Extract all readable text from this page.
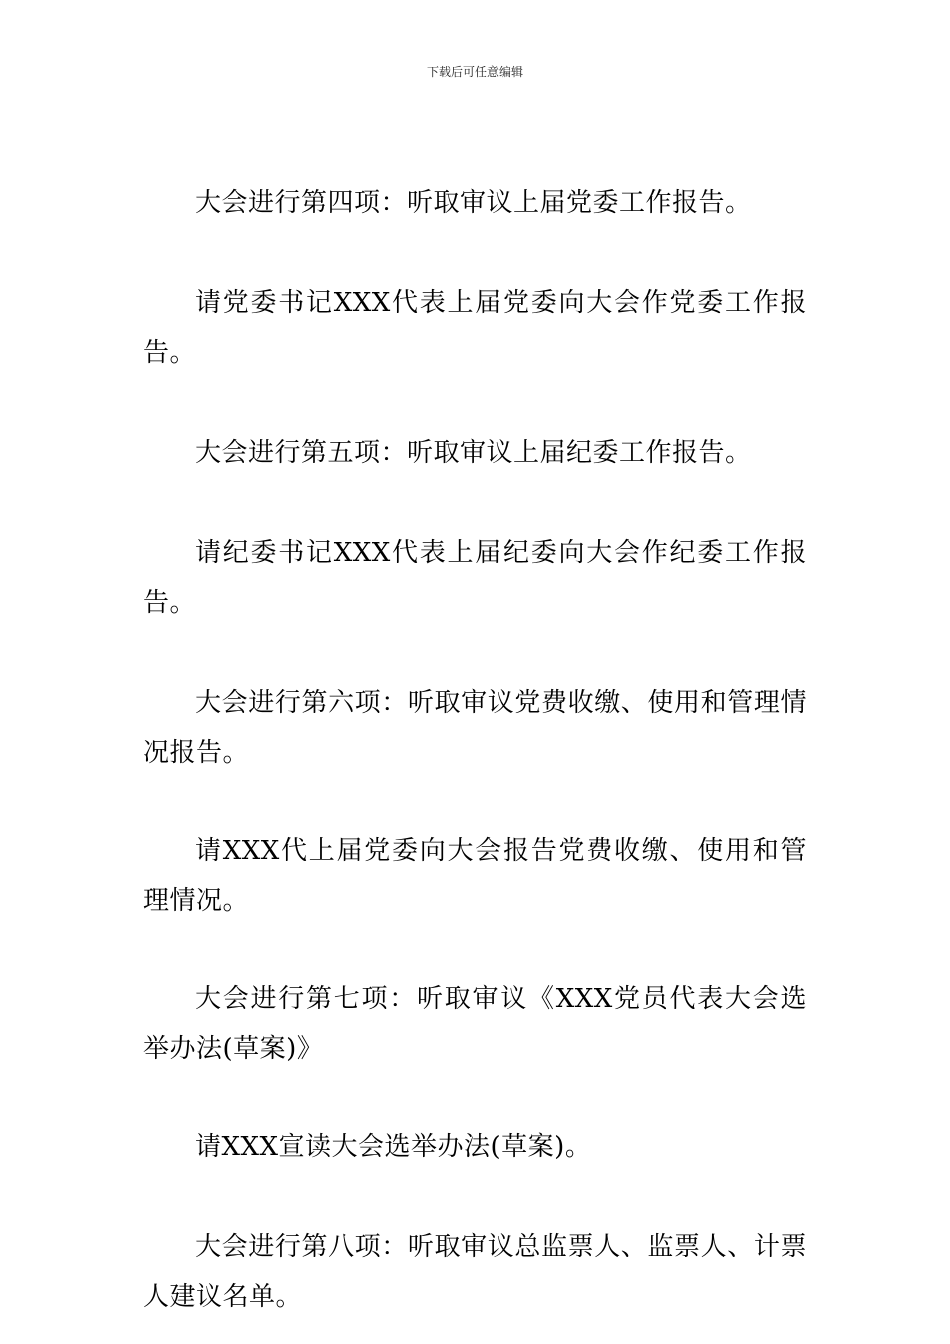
下载后可任意编辑

大会进行第四项：听取审议上届党委工作报告。

请党委书记XXX代表上届党委向大会作党委工作报告。

大会进行第五项：听取审议上届纪委工作报告。

请纪委书记XXX代表上届纪委向大会作纪委工作报告。

大会进行第六项：听取审议党费收缴、使用和管理情况报告。

请XXX代上届党委向大会报告党费收缴、使用和管理情况。

大会进行第七项：听取审议《XXX党员代表大会选举办法(草案)》

请XXX宣读大会选举办法(草案)。

大会进行第八项：听取审议总监票人、监票人、计票人建议名单。
